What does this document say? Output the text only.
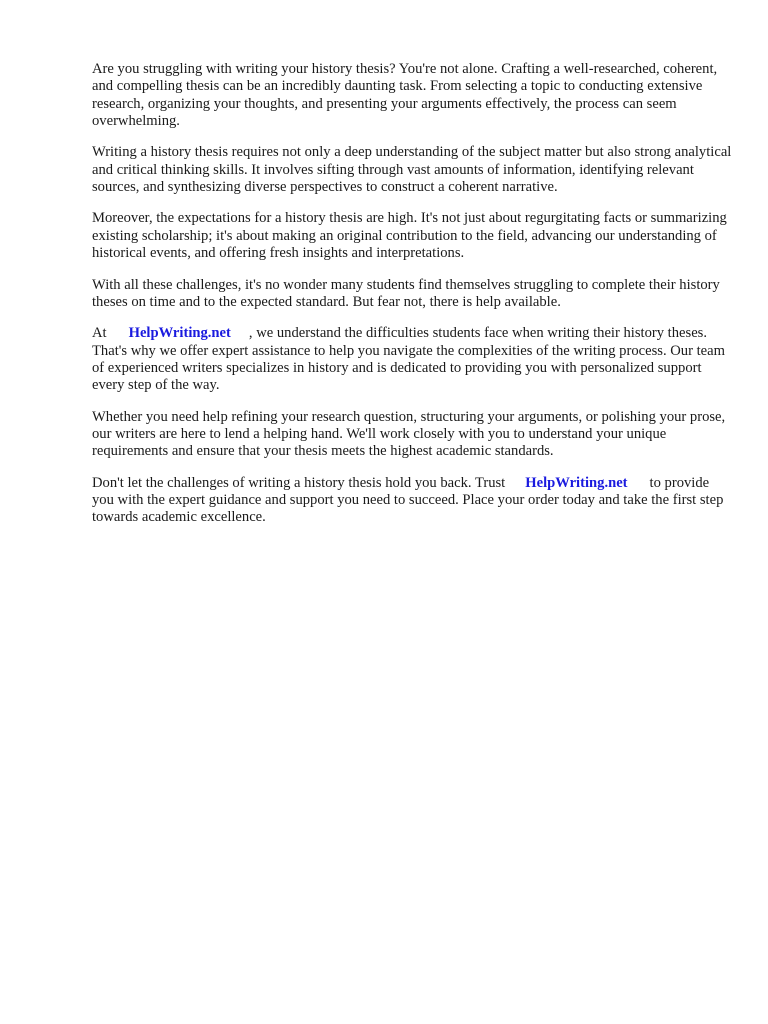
Are you struggling with writing your history thesis? You're not alone. Crafting a well-researched, coherent, and compelling thesis can be an incredibly daunting task. From selecting a topic to conducting extensive research, organizing your thoughts, and presenting your arguments effectively, the process can seem overwhelming.

Writing a history thesis requires not only a deep understanding of the subject matter but also strong analytical and critical thinking skills. It involves sifting through vast amounts of information, identifying relevant sources, and synthesizing diverse perspectives to construct a coherent narrative.

Moreover, the expectations for a history thesis are high. It's not just about regurgitating facts or summarizing existing scholarship; it's about making an original contribution to the field, advancing our understanding of historical events, and offering fresh insights and interpretations.

With all these challenges, it's no wonder many students find themselves struggling to complete their history theses on time and to the expected standard. But fear not, there is help available.

At HelpWriting.net , we understand the difficulties students face when writing their history theses. That's why we offer expert assistance to help you navigate the complexities of the writing process. Our team of experienced writers specializes in history and is dedicated to providing you with personalized support every step of the way.

Whether you need help refining your research question, structuring your arguments, or polishing your prose, our writers are here to lend a helping hand. We'll work closely with you to understand your unique requirements and ensure that your thesis meets the highest academic standards.

Don't let the challenges of writing a history thesis hold you back. Trust HelpWriting.net to provide you with the expert guidance and support you need to succeed. Place your order today and take the first step towards academic excellence.
